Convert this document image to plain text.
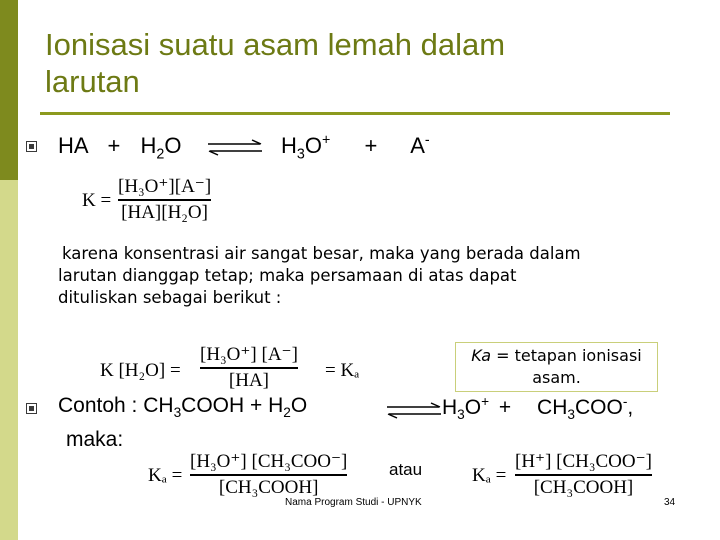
Ionisasi suatu asam lemah dalam
larutan
HA + $H_2O$ ⇌ $H_3O^+ + A^-$
K =
[H₃O⁺][A⁻]
[HA][H₂O]
karena konsentrasi air sangat besar, maka yang berada dalam
larutan dianggap tetap; maka persamaan di atas dapat
dituliskan sebagai berikut :
K [H₂O] =
[H₃O⁺] [A⁻]
[HA]	= Kₐ
Ka = tetapan ionisasi
asam.
Contoh : $CH_3COOH + H_2O$	⇌ $H_3O^+ + CH_3COO^-$,
maka:
Kₐ =
[H₃O⁺] [CH₃COO⁻]
[CH₃COOH]
atau	Kₐ =
[H⁺] [CH₃COO⁻]
[CH₃COOH]
Nama Program Studi - UPNYK	34
